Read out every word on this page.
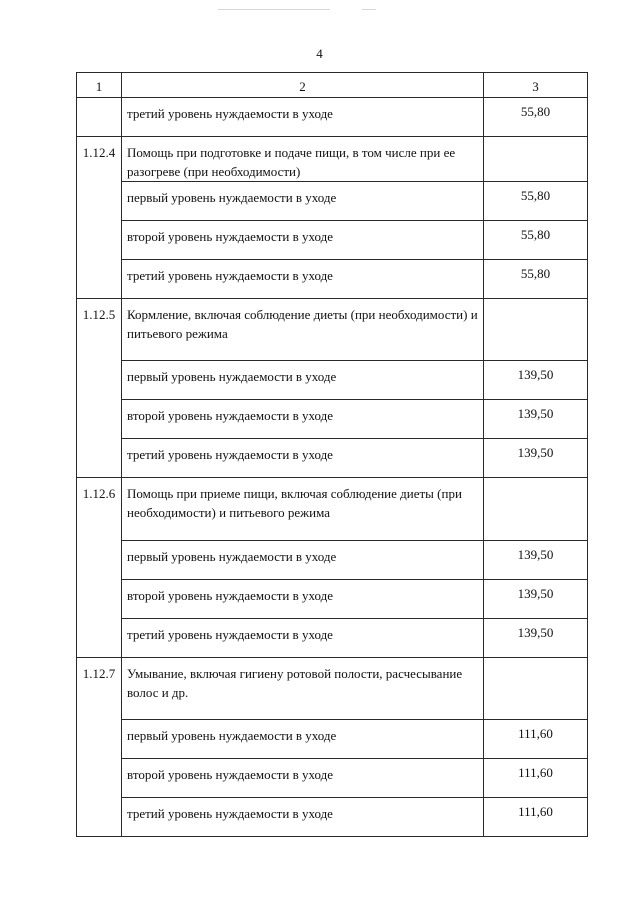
4
1	2	3

	третий уровень нуждаемости в уходе	55,80

1.12.4	Помощь при подготовке и подаче пищи, в том числе при ее разогреве (при необходимости)	

	первый уровень нуждаемости в уходе	55,80

	второй уровень нуждаемости в уходе	55,80

	третий уровень нуждаемости в уходе	55,80

1.12.5	Кормление, включая соблюдение диеты (при необходимости) и питьевого режима	

	первый уровень нуждаемости в уходе	139,50

	второй уровень нуждаемости в уходе	139,50

	третий уровень нуждаемости в уходе	139,50

1.12.6	Помощь при приеме пищи, включая соблюдение диеты (при необходимости) и питьевого режима	

	первый уровень нуждаемости в уходе	139,50

	второй уровень нуждаемости в уходе	139,50

	третий уровень нуждаемости в уходе	139,50

1.12.7	Умывание, включая гигиену ротовой полости, расчесывание волос и др.	

	первый уровень нуждаемости в уходе	111,60

	второй уровень нуждаемости в уходе	111,60

	третий уровень нуждаемости в уходе	111,60
